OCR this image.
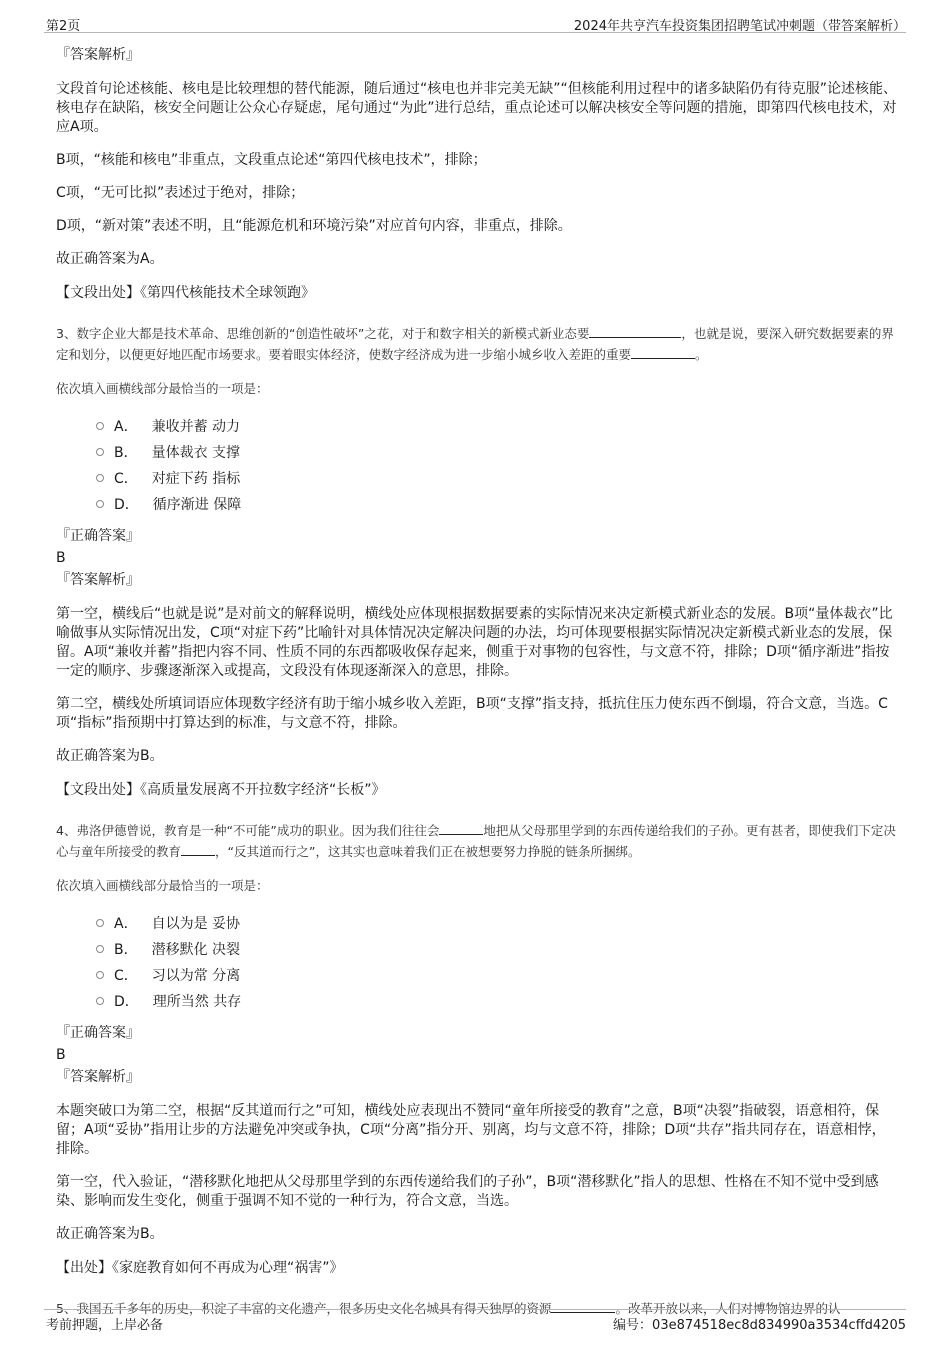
第2页	2024年共亨汽车投资集团招聘笔试冲刺题（带答案解析）
『答案解析』

文段首句论述核能、核电是比较理想的替代能源，随后通过“核电也并非完美无缺”“但核能利用过程中的诸多缺陷仍有待克服”论述核能、核电存在缺陷，核安全问题让公众心存疑虑，尾句通过“为此”进行总结，重点论述可以解决核安全等问题的措施，即第四代核电技术，对应A项。

B项，“核能和核电”非重点，文段重点论述“第四代核电技术”，排除；

C项，“无可比拟”表述过于绝对，排除；

D项，“新对策”表述不明，且“能源危机和环境污染”对应首句内容，非重点，排除。

故正确答案为A。

【文段出处】《第四代核能技术全球领跑》

3、数字企业大都是技术革命、思维创新的“创造性破坏”之花，对于和数字相关的新模式新业态要	，也就是说，要深入研究数据要素的界定和划分，以便更好地匹配市场要求。要着眼实体经济，使数字经济成为进一步缩小城乡收入差距的重要	。

依次填入画横线部分最恰当的一项是：

A． 兼收并蓄 动力
B． 量体裁衣 支撑
C． 对症下药 指标
D． 循序渐进 保障
『正确答案』
B
『答案解析』

第一空，横线后“也就是说”是对前文的解释说明，横线处应体现根据数据要素的实际情况来决定新模式新业态的发展。B项“量体裁衣”比喻做事从实际情况出发，C项“对症下药”比喻针对具体情况决定解决问题的办法，均可体现要根据实际情况决定新模式新业态的发展，保留。A项“兼收并蓄”指把内容不同、性质不同的东西都吸收保存起来，侧重于对事物的包容性，与文意不符，排除；D项“循序渐进”指按一定的顺序、步骤逐渐深入或提高，文段没有体现逐渐深入的意思，排除。

第二空，横线处所填词语应体现数字经济有助于缩小城乡收入差距，B项“支撑”指支持，抵抗住压力使东西不倒塌，符合文意，当选。C项“指标”指预期中打算达到的标准，与文意不符，排除。

故正确答案为B。

【文段出处】《高质量发展离不开拉数字经济“长板”》

4、弗洛伊德曾说，教育是一种“不可能”成功的职业。因为我们往往会	地把从父母那里学到的东西传递给我们的子孙。更有甚者，即使我们下定决心与童年所接受的教育	，“反其道而行之”，这其实也意味着我们正在被想要努力挣脱的链条所捆绑。

依次填入画横线部分最恰当的一项是：

A． 自以为是 妥协
B． 潜移默化 决裂
C． 习以为常 分离
D． 理所当然 共存
『正确答案』
B
『答案解析』

本题突破口为第二空，根据“反其道而行之”可知，横线处应表现出不赞同“童年所接受的教育”之意，B项“决裂”指破裂，语意相符，保留；A项“妥协”指用让步的方法避免冲突或争执，C项“分离”指分开、别离，均与文意不符，排除；D项“共存”指共同存在，语意相悖，排除。

第一空，代入验证，“潜移默化地把从父母那里学到的东西传递给我们的子孙”，B项“潜移默化”指人的思想、性格在不知不觉中受到感染、影响而发生变化，侧重于强调不知不觉的一种行为，符合文意，当选。

故正确答案为B。

【出处】《家庭教育如何不再成为心理“祸害”》

5、我国五千多年的历史，积淀了丰富的文化遗产，很多历史文化名城具有得天独厚的资源	。改革开放以来，人们对博物馆边界的认

考前押题，上岸必备	编号：03e874518ec8d834990a3534cffd4205
